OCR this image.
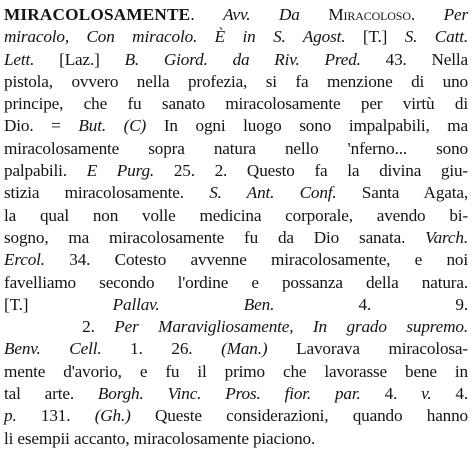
MIRACOLOSAMENTE. Avv. Da Miracoloso. Per
miracolo, Con miracolo. È in S. Agost. [T.] S. Catt.
Lett. [Laz.] B. Giord. da Riv. Pred. 43. Nella
pistola, ovvero nella profezia, si fa menzione di uno
principe, che fu sanato miracolosamente per virtù di
Dio. = But. (C) In ogni luogo sono impalpabili, ma
miracolosamente sopra natura nello 'nferno... sono
palpabili. E Purg. 25. 2. Questo fa la divina giu-
stizia miracolosamente. S. Ant. Conf. Santa Agata,
la qual non volle medicina corporale, avendo bi-
sogno, ma miracolosamente fu da Dio sanata. Varch.
Ercol. 34. Cotesto avvenne miracolosamente, e noi
favelliamo secondo l'ordine e possanza della natura.
[T.] Pallav. Ben. 4. 9.
2. Per Maravigliosamente, In grado supremo.
Benv. Cell. 1. 26. (Man.) Lavorava miracolosa-
mente d'avorio, e fu il primo che lavorasse bene in
tal arte. Borgh. Vinc. Pros. fior. par. 4. v. 4.
p. 131. (Gh.) Queste considerazioni, quando hanno
li esempii accanto, miracolosamente piaciono.
